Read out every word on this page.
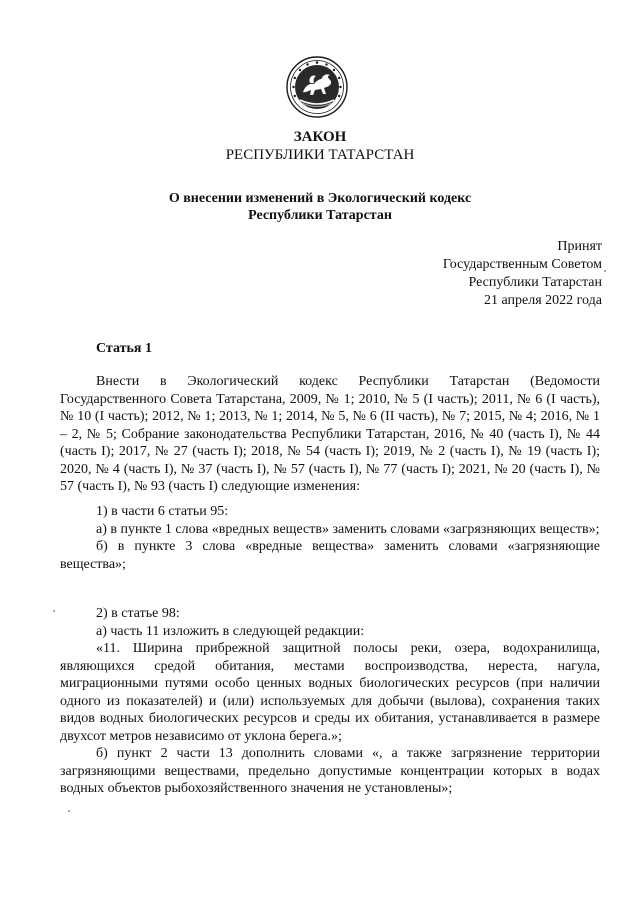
ЗАКОН
РЕСПУБЛИКИ ТАТАРСТАН
О внесении изменений в Экологический кодекс
Республики Татарстан
Принят
Государственным Советом
Республики Татарстан
21 апреля 2022 года
Статья 1

Внести в Экологический кодекс Республики Татарстан (Ведомости Государственного Совета Татарстана, 2009, № 1; 2010, № 5 (I часть); 2011, № 6 (I часть), № 10 (I часть); 2012, № 1; 2013, № 1; 2014, № 5, № 6 (II часть), № 7; 2015, № 4; 2016, № 1 – 2, № 5; Собрание законодательства Республики Татарстан, 2016, № 40 (часть I), № 44 (часть I); 2017, № 27 (часть I); 2018, № 54 (часть I); 2019, № 2 (часть I), № 19 (часть I); 2020, № 4 (часть I), № 37 (часть I), № 57 (часть I), № 77 (часть I); 2021, № 20 (часть I), № 57 (часть I), № 93 (часть I) следующие изменения:

1) в части 6 статьи 95:

а) в пункте 1 слова «вредных веществ» заменить словами «загрязняющих веществ»;

б) в пункте 3 слова «вредные вещества» заменить словами «загрязняющие вещества»;

2) в статье 98:

а) часть 11 изложить в следующей редакции:

«11. Ширина прибрежной защитной полосы реки, озера, водохранилища, являющихся средой обитания, местами воспроизводства, нереста, нагула, миграционными путями особо ценных водных биологических ресурсов (при наличии одного из показателей) и (или) используемых для добычи (вылова), сохранения таких видов водных биологических ресурсов и среды их обитания, устанавливается в размере двухсот метров независимо от уклона берега.»;

б) пункт 2 части 13 дополнить словами «, а также загрязнение территории загрязняющими веществами, предельно допустимые концентрации которых в водах водных объектов рыбохозяйственного значения не установлены»;
